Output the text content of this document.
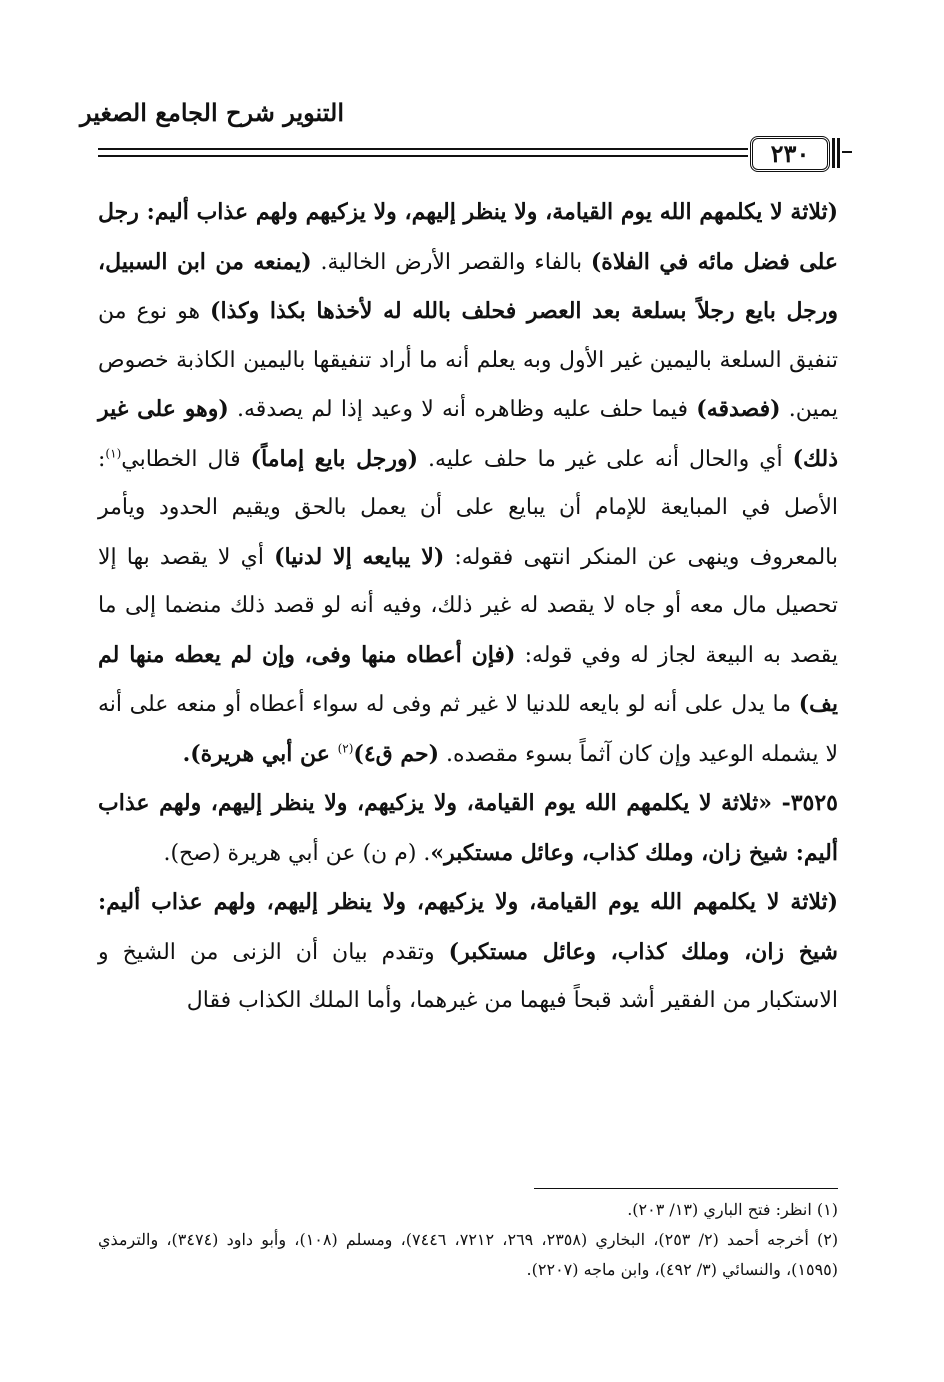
التنوير شرح الجامع الصغير
٢٣٠

(ثلاثة لا يكلمهم الله يوم القيامة، ولا ينظر إليهم، ولا يزكيهم ولهم عذاب أليم: رجل على فضل مائه في الفلاة) بالفاء والقصر الأرض الخالية. (يمنعه من ابن السبيل، ورجل بايع رجلاً بسلعة بعد العصر فحلف بالله له لأخذها بكذا وكذا) هو نوع من تنفيق السلعة باليمين غير الأول وبه يعلم أنه ما أراد تنفيقها باليمين الكاذبة خصوص يمين. (فصدقه) فيما حلف عليه وظاهره أنه لا وعيد إذا لم يصدقه. (وهو على غير ذلك) أي والحال أنه على غير ما حلف عليه. (ورجل بايع إماماً) قال الخطابي$^{(١)}$: الأصل في المبايعة للإمام أن يبايع على أن يعمل بالحق ويقيم الحدود ويأمر بالمعروف وينهى عن المنكر انتهى فقوله: (لا يبايعه إلا لدنيا) أي لا يقصد بها إلا تحصيل مال معه أو جاه لا يقصد له غير ذلك، وفيه أنه لو قصد ذلك منضما إلى ما يقصد به البيعة لجاز له وفي قوله: (فإن أعطاه منها وفى، وإن لم يعطه منها لم يف) ما يدل على أنه لو بايعه للدنيا لا غير ثم وفى له سواء أعطاه أو منعه على أنه لا يشمله الوعيد وإن كان آثماً بسوء مقصده. (حم ق٤)$^{(٢)}$ عن أبي هريرة).

٣٥٢٥- «ثلاثة لا يكلمهم الله يوم القيامة، ولا يزكيهم، ولا ينظر إليهم، ولهم عذاب أليم: شيخ زان، وملك كذاب، وعائل مستكبر». (م ن) عن أبي هريرة (صح).

(ثلاثة لا يكلمهم الله يوم القيامة، ولا يزكيهم، ولا ينظر إليهم، ولهم عذاب أليم: شيخ زان، وملك كذاب، وعائل مستكبر) وتقدم بيان أن الزنى من الشيخ و الاستكبار من الفقير أشد قبحاً فيهما من غيرهما، وأما الملك الكذاب فقال

(١) انظر: فتح الباري (١٣/ ٢٠٣).

(٢) أخرجه أحمد (٢/ ٢٥٣)، البخاري (٢٣٥٨، ٢٦٩، ٧٢١٢، ٧٤٤٦)، ومسلم (١٠٨)، وأبو داود (٣٤٧٤)، والترمذي (١٥٩٥)، والنسائي (٣/ ٤٩٢)، وابن ماجه (٢٢٠٧).
